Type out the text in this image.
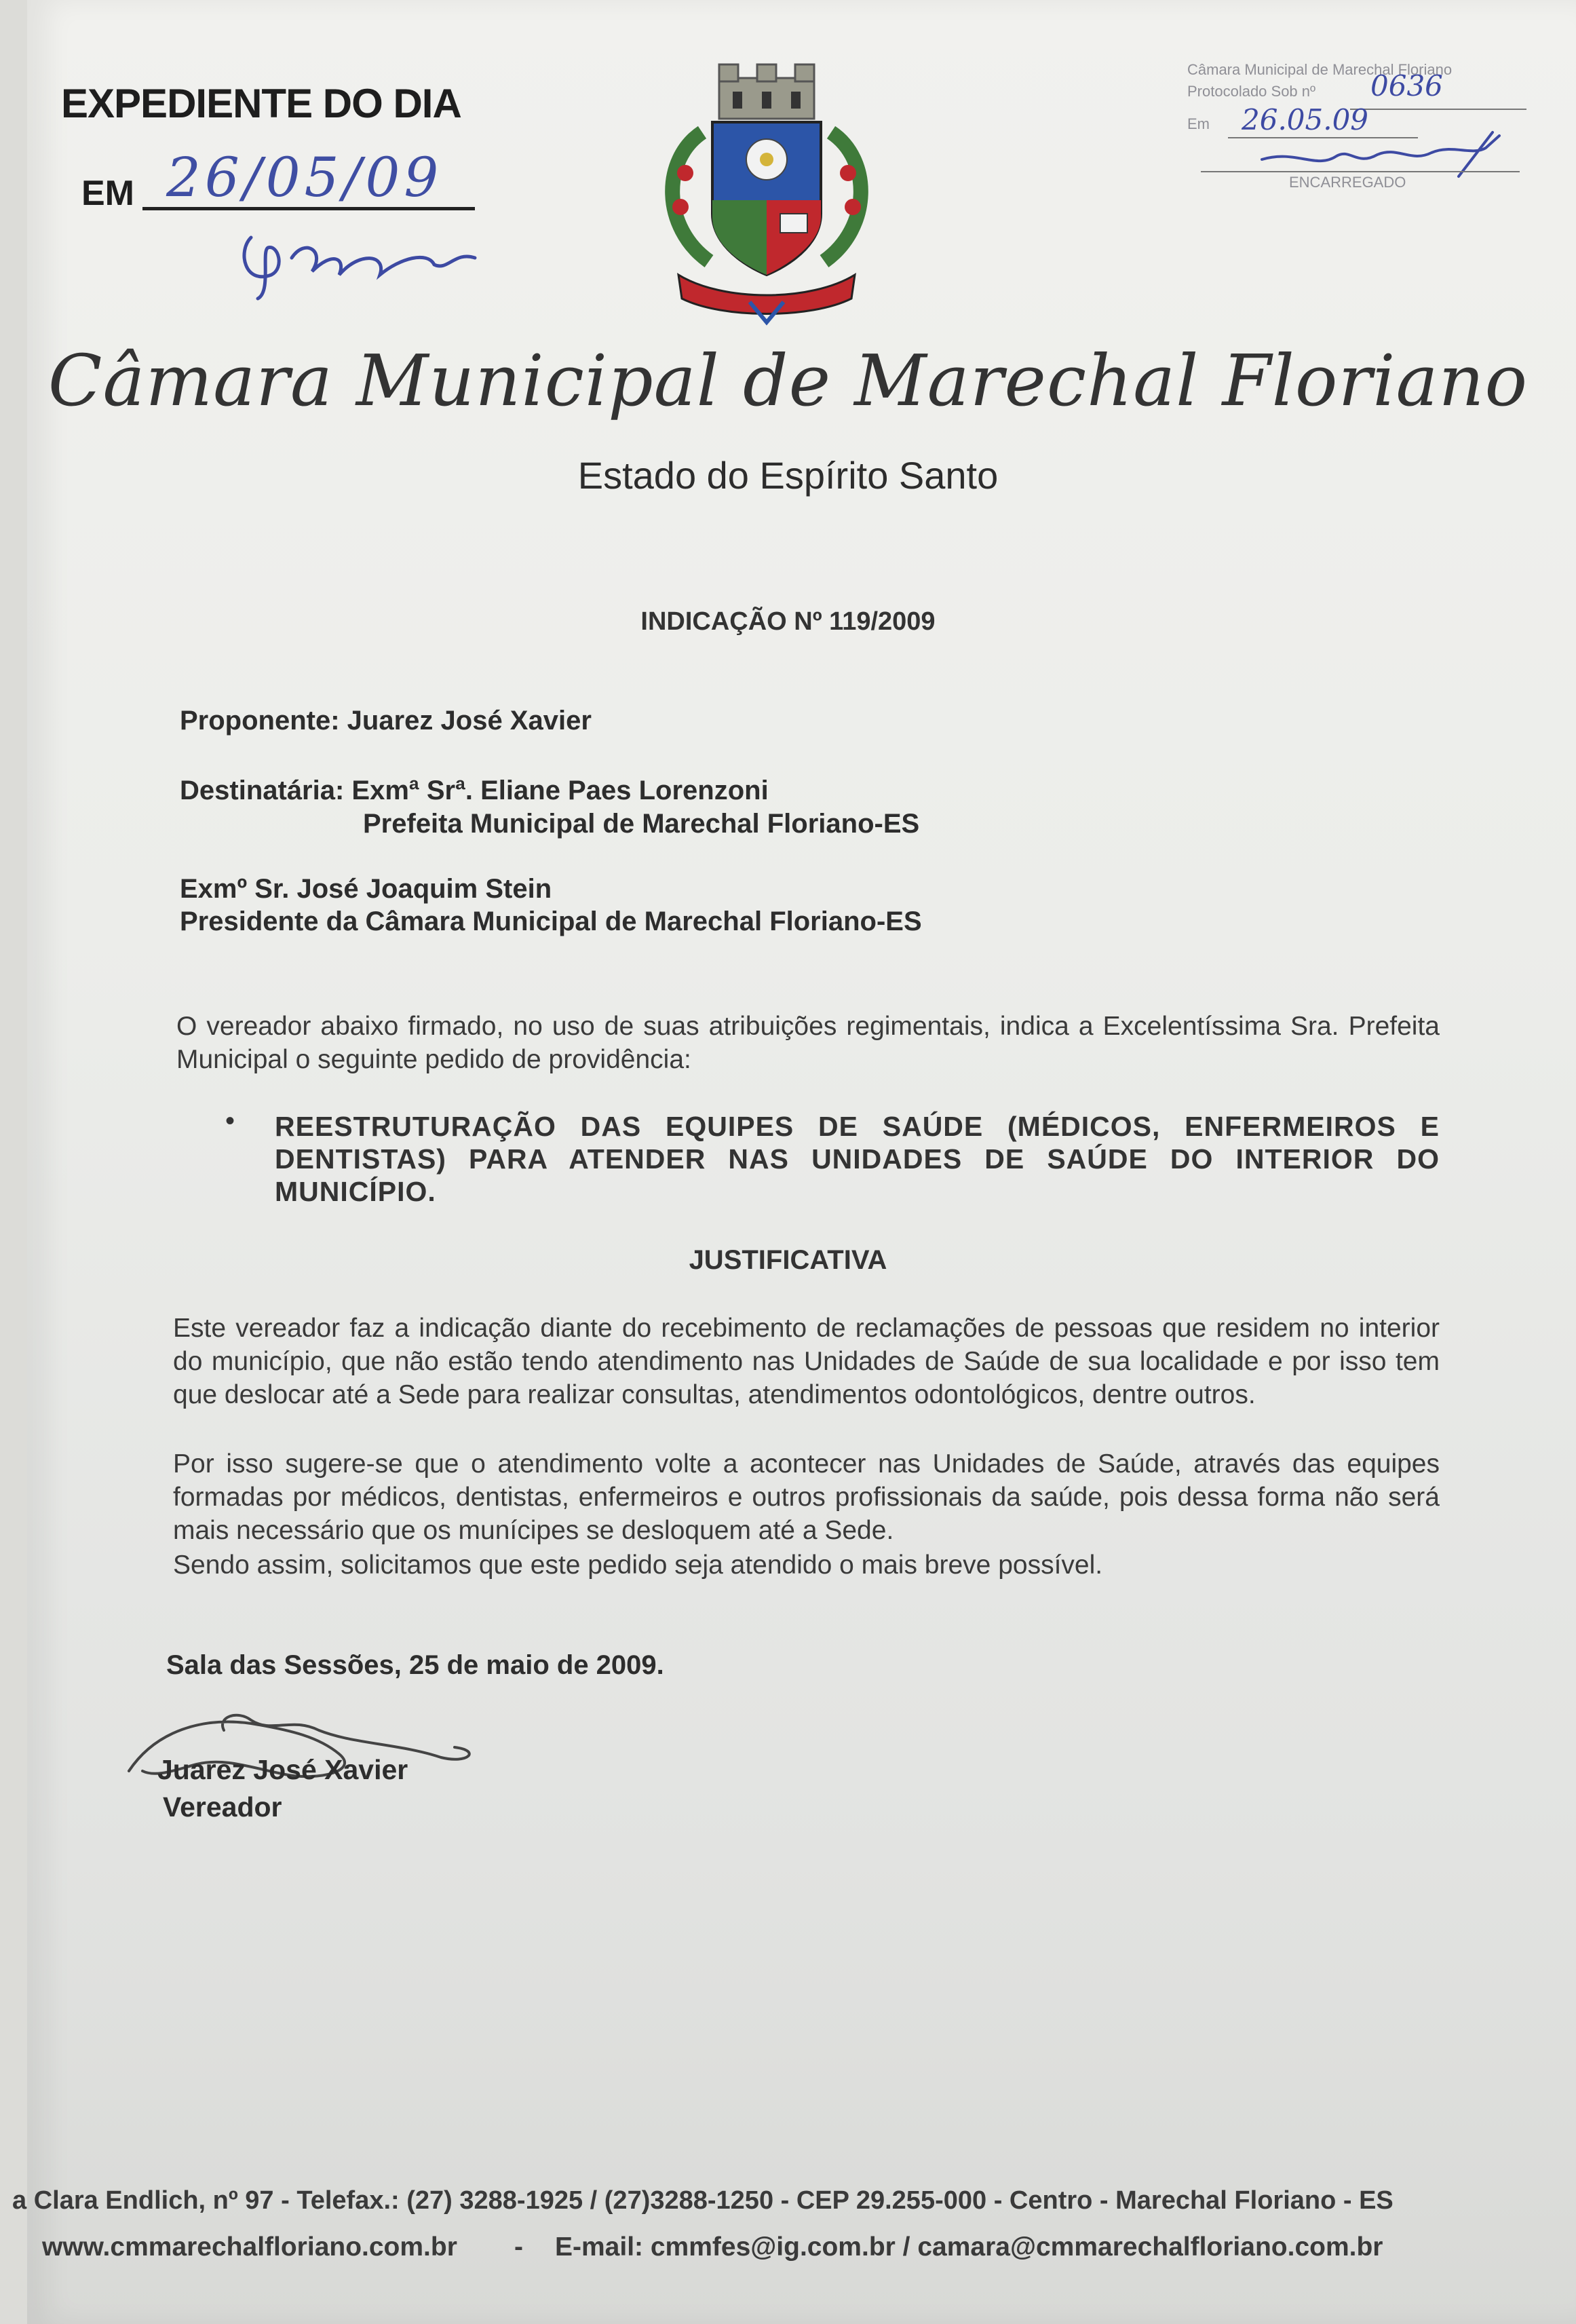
EXPEDIENTE DO DIA
EM 26/05/09
Câmara Municipal de Marechal Floriano
Protocolado Sob nº 0636
Em 26.05.09
ENCARREGADO
Câmara Municipal de Marechal Floriano
Estado do Espírito Santo
INDICAÇÃO Nº 119/2009
Proponente: Juarez José Xavier
Destinatária: Exmª Srª. Eliane Paes Lorenzoni
Prefeita Municipal de Marechal Floriano-ES
Exmº Sr. José Joaquim Stein
Presidente da Câmara Municipal de Marechal Floriano-ES
O vereador abaixo firmado, no uso de suas atribuições regimentais, indica a Excelentíssima Sra. Prefeita Municipal o seguinte pedido de providência:
• REESTRUTURAÇÃO DAS EQUIPES DE SAÚDE (MÉDICOS, ENFERMEIROS E DENTISTAS) PARA ATENDER NAS UNIDADES DE SAÚDE DO INTERIOR DO MUNICÍPIO.
JUSTIFICATIVA
Este vereador faz a indicação diante do recebimento de reclamações de pessoas que residem no interior do município, que não estão tendo atendimento nas Unidades de Saúde de sua localidade e por isso tem que deslocar até a Sede para realizar consultas, atendimentos odontológicos, dentre outros.
Por isso sugere-se que o atendimento volte a acontecer nas Unidades de Saúde, através das equipes formadas por médicos, dentistas, enfermeiros e outros profissionais da saúde, pois dessa forma não será mais necessário que os munícipes se desloquem até a Sede.
Sendo assim, solicitamos que este pedido seja atendido o mais breve possível.
Sala das Sessões, 25 de maio de 2009.
Juarez José Xavier
Vereador
a Clara Endlich, nº 97 - Telefax.: (27) 3288-1925 / (27)3288-1250 - CEP 29.255-000 - Centro - Marechal Floriano - ES
www.cmmarechalfloriano.com.br - E-mail: cmmfes@ig.com.br / camara@cmmarechalfloriano.com.br
